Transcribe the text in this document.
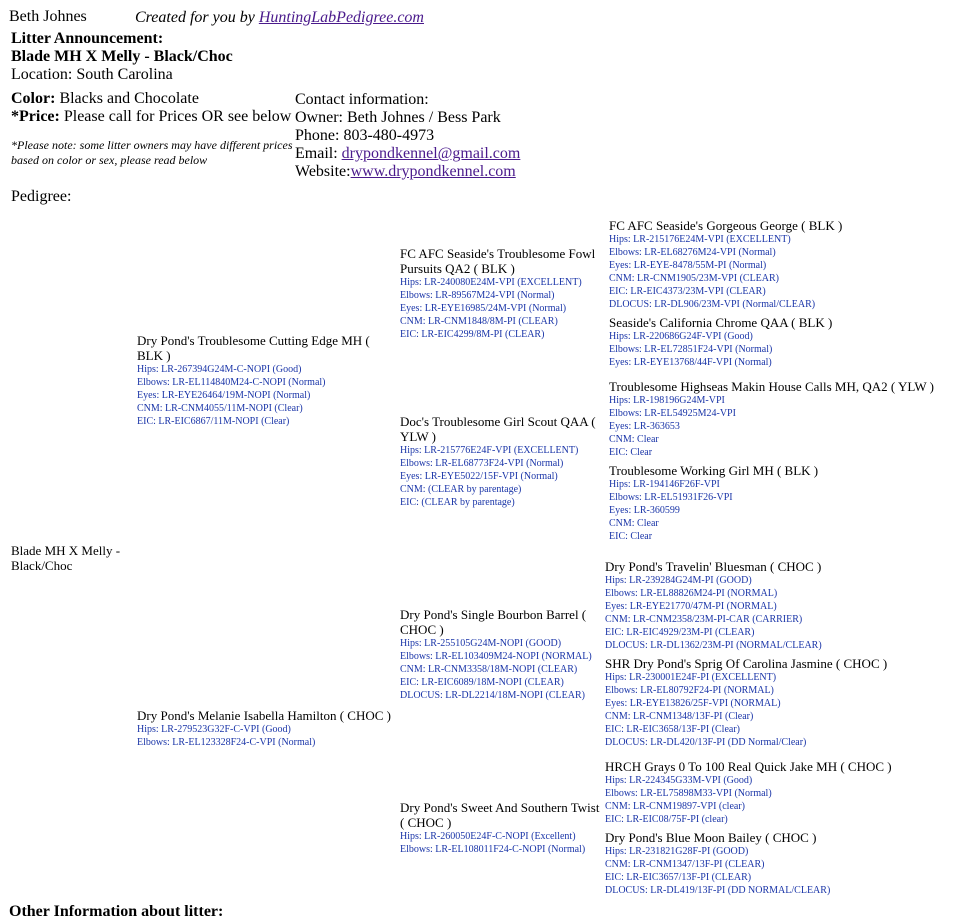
Beth Johnes	Created for you by HuntingLabPedigree.com
Litter Announcement:
Blade MH X Melly - Black/Choc
Location: South Carolina
Color: Blacks and Chocolate
*Price: Please call for Prices OR see below
*Please note: some litter owners may have different prices based on color or sex, please read below
Contact information:
Owner: Beth Johnes / Bess Park
Phone: 803-480-4973
Email: drypondkennel@gmail.com
Website:www.drypondkennel.com
Pedigree:
Blade MH X Melly - Black/Choc
Dry Pond's Troublesome Cutting Edge MH ( BLK )
Hips: LR-267394G24M-C-NOPI (Good)
Elbows: LR-EL114840M24-C-NOPI (Normal)
Eyes: LR-EYE26464/19M-NOPI (Normal)
CNM: LR-CNM4055/11M-NOPI (Clear)
EIC: LR-EIC6867/11M-NOPI (Clear)
Dry Pond's Melanie Isabella Hamilton ( CHOC )
Hips: LR-279523G32F-C-VPI (Good)
Elbows: LR-EL123328F24-C-VPI (Normal)
FC AFC Seaside's Troublesome Fowl Pursuits QA2 ( BLK )
Hips: LR-240080E24M-VPI (EXCELLENT)
Elbows: LR-89567M24-VPI (Normal)
Eyes: LR-EYE16985/24M-VPI (Normal)
CNM: LR-CNM1848/8M-PI (CLEAR)
EIC: LR-EIC4299/8M-PI (CLEAR)
Doc's Troublesome Girl Scout QAA ( YLW )
Hips: LR-215776E24F-VPI (EXCELLENT)
Elbows: LR-EL68773F24-VPI (Normal)
Eyes: LR-EYE5022/15F-VPI (Normal)
CNM: (CLEAR by parentage)
EIC: (CLEAR by parentage)
Dry Pond's Single Bourbon Barrel ( CHOC )
Hips: LR-255105G24M-NOPI (GOOD)
Elbows: LR-EL103409M24-NOPI (NORMAL)
CNM: LR-CNM3358/18M-NOPI (CLEAR)
EIC: LR-EIC6089/18M-NOPI (CLEAR)
DLOCUS: LR-DL2214/18M-NOPI (CLEAR)
Dry Pond's Sweet And Southern Twist ( CHOC )
Hips: LR-260050E24F-C-NOPI (Excellent)
Elbows: LR-EL108011F24-C-NOPI (Normal)
FC AFC Seaside's Gorgeous George ( BLK )
Hips: LR-215176E24M-VPI (EXCELLENT)
Elbows: LR-EL68276M24-VPI (Normal)
Eyes: LR-EYE-8478/55M-PI (Normal)
CNM: LR-CNM1905/23M-VPI (CLEAR)
EIC: LR-EIC4373/23M-VPI (CLEAR)
DLOCUS: LR-DL906/23M-VPI (Normal/CLEAR)
Seaside's California Chrome QAA ( BLK )
Hips: LR-220686G24F-VPI (Good)
Elbows: LR-EL72851F24-VPI (Normal)
Eyes: LR-EYE13768/44F-VPI (Normal)
Troublesome Highseas Makin House Calls MH, QA2 ( YLW )
Hips: LR-198196G24M-VPI
Elbows: LR-EL54925M24-VPI
Eyes: LR-363653
CNM: Clear
EIC: Clear
Troublesome Working Girl MH ( BLK )
Hips: LR-194146F26F-VPI
Elbows: LR-EL51931F26-VPI
Eyes: LR-360599
CNM: Clear
EIC: Clear
Dry Pond's Travelin' Bluesman ( CHOC )
Hips: LR-239284G24M-PI (GOOD)
Elbows: LR-EL88826M24-PI (NORMAL)
Eyes: LR-EYE21770/47M-PI (NORMAL)
CNM: LR-CNM2358/23M-PI-CAR (CARRIER)
EIC: LR-EIC4929/23M-PI (CLEAR)
DLOCUS: LR-DL1362/23M-PI (NORMAL/CLEAR)
SHR Dry Pond's Sprig Of Carolina Jasmine ( CHOC )
Hips: LR-230001E24F-PI (EXCELLENT)
Elbows: LR-EL80792F24-PI (NORMAL)
Eyes: LR-EYE13826/25F-VPI (NORMAL)
CNM: LR-CNM1348/13F-PI (Clear)
EIC: LR-EIC3658/13F-PI (Clear)
DLOCUS: LR-DL420/13F-PI (DD Normal/Clear)
HRCH Grays 0 To 100 Real Quick Jake MH ( CHOC )
Hips: LR-224345G33M-VPI (Good)
Elbows: LR-EL75898M33-VPI (Normal)
CNM: LR-CNM19897-VPI (clear)
EIC: LR-EIC08/75F-PI (clear)
Dry Pond's Blue Moon Bailey ( CHOC )
Hips: LR-231821G28F-PI (GOOD)
CNM: LR-CNM1347/13F-PI (CLEAR)
EIC: LR-EIC3657/13F-PI (CLEAR)
DLOCUS: LR-DL419/13F-PI (DD NORMAL/CLEAR)
Other Information about litter:
